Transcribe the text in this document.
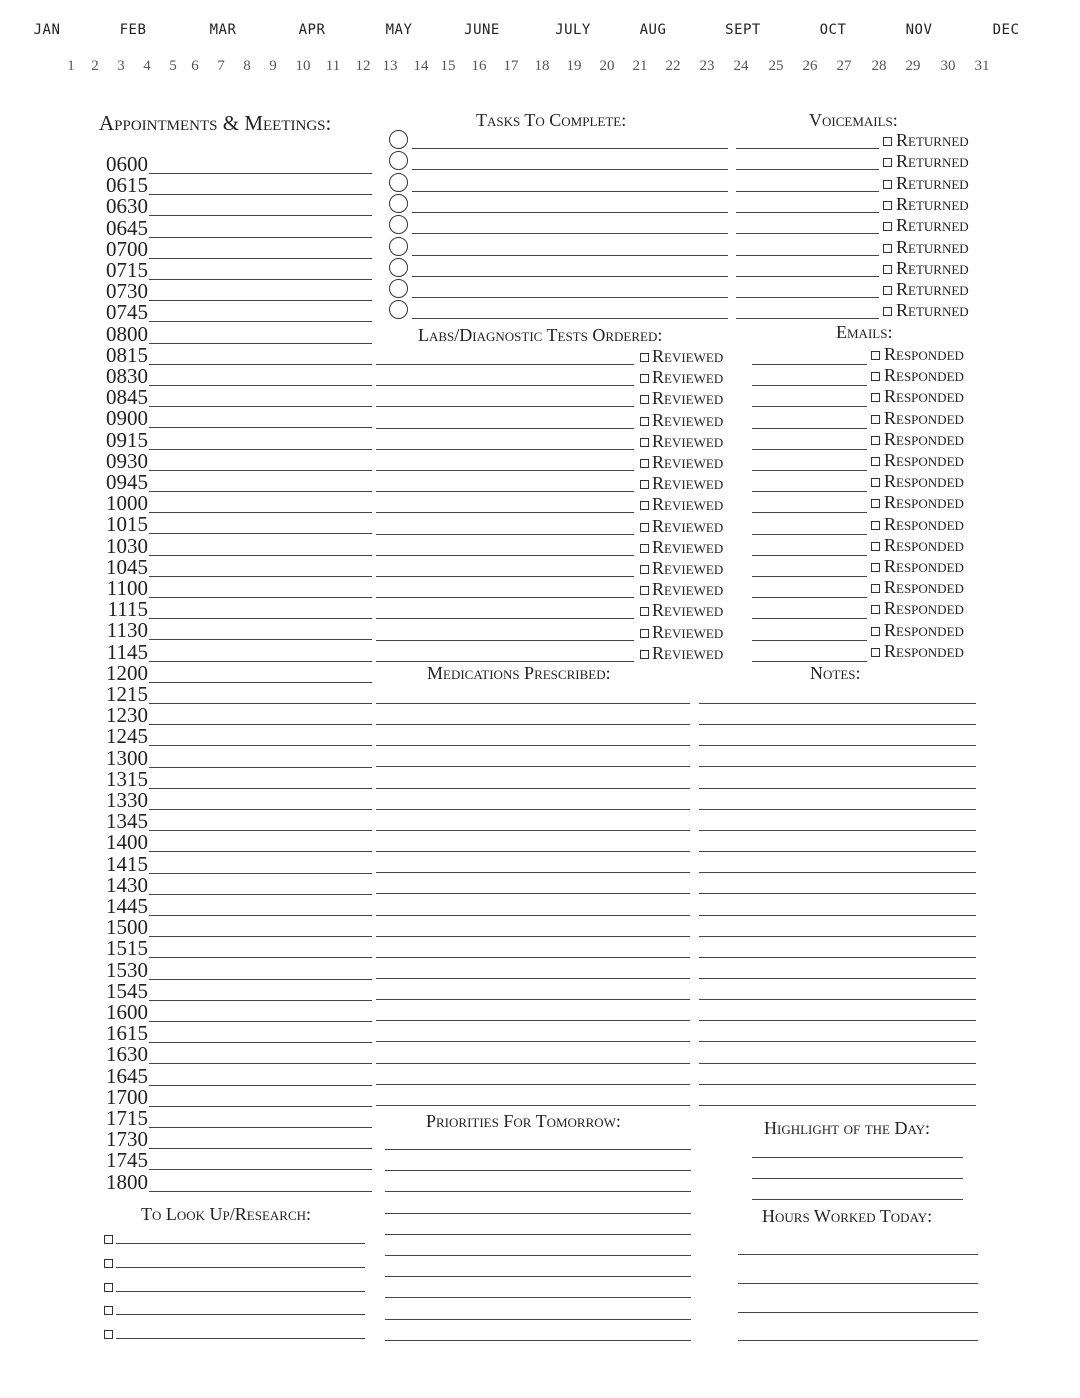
JAN	FEB	MAR	APR	MAY	JUNE	JULY	AUG	SEPT	OCT	NOV	DEC
1 2 3 4 5 6 7 8 9 10 11 12 13 14 15 16 17 18 19 20 21 22 23 24 25 26 27 28 29 30 31
Appointments & Meetings:	Tasks To Complete:	Voicemails:
Labs/Diagnostic Tests Ordered:	Emails:
Medications Prescribed:	Notes:
Priorities For Tomorrow:	Highlight of the Day:
To Look Up/Research:	Hours Worked Today:
0600
0615
0630
0645
0700
0715
0730
0745
0800
0815
0830
0845
0900
0915
0930
0945
1000
1015
1030
1045
1100
1115
1130
1145
1200
1215
1230
1245
1300
1315
1330
1345
1400
1415
1430
1445
1500
1515
1530
1545
1600
1615
1630
1645
1700
1715
1730
1745
1800
Returned
Returned
Returned
Returned
Returned
Returned
Returned
Returned
Returned
Reviewed	Responded
Reviewed	Responded
Reviewed	Responded
Reviewed	Responded
Reviewed	Responded
Reviewed	Responded
Reviewed	Responded
Reviewed	Responded
Reviewed	Responded
Reviewed	Responded
Reviewed	Responded
Reviewed	Responded
Reviewed	Responded
Reviewed	Responded
Reviewed	Responded
